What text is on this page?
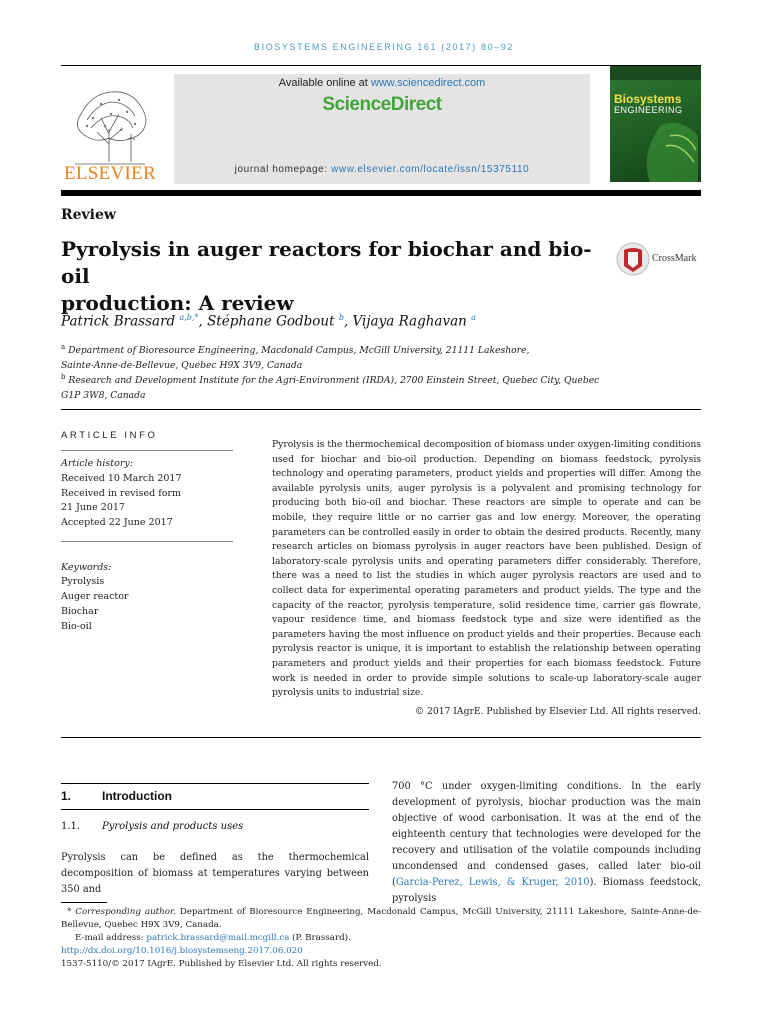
BIOSYSTEMS ENGINEERING 161 (2017) 80–92
ELSEVIER
Available online at www.sciencedirect.com
ScienceDirect
journal homepage: www.elsevier.com/locate/issn/15375110
Biosystems
ENGINEERING
Review
Pyrolysis in auger reactors for biochar and bio-oil
production: A review
CrossMark
Patrick Brassard $^{a,b,*}$, Stéphane Godbout $^b$, Vijaya Raghavan $^a$
$^a$ Department of Bioresource Engineering, Macdonald Campus, McGill University, 21111 Lakeshore,
Sainte-Anne-de-Bellevue, Quebec H9X 3V9, Canada
$^b$ Research and Development Institute for the Agri-Environment (IRDA), 2700 Einstein Street, Quebec City, Quebec
G1P 3W8, Canada
ARTICLE INFO
Article history:
Received 10 March 2017
Received in revised form
21 June 2017
Accepted 22 June 2017
Keywords:
Pyrolysis
Auger reactor
Biochar
Bio-oil
Pyrolysis is the thermochemical decomposition of biomass under oxygen-limiting conditions used for biochar and bio-oil production. Depending on biomass feedstock, pyrolysis technology and operating parameters, product yields and properties will differ. Among the available pyrolysis units, auger pyrolysis is a polyvalent and promising technology for producing both bio-oil and biochar. These reactors are simple to operate and can be mobile, they require little or no carrier gas and low energy. Moreover, the operating parameters can be controlled easily in order to obtain the desired products. Recently, many research articles on biomass pyrolysis in auger reactors have been published. Design of laboratory-scale pyrolysis units and operating parameters differ considerably. Therefore, there was a need to list the studies in which auger pyrolysis reactors are used and to collect data for experimental operating parameters and product yields. The type and the capacity of the reactor, pyrolysis temperature, solid residence time, carrier gas flowrate, vapour residence time, and biomass feedstock type and size were identified as the parameters having the most influence on product yields and their properties. Because each pyrolysis reactor is unique, it is important to establish the relationship between operating parameters and product yields and their properties for each biomass feedstock. Future work is needed in order to provide simple solutions to scale-up laboratory-scale auger pyrolysis units to industrial size.
© 2017 IAgrE. Published by Elsevier Ltd. All rights reserved.
1.	Introduction
1.1. Pyrolysis and products uses
Pyrolysis can be defined as the thermochemical decomposition of biomass at temperatures varying between 350 and
700 °C under oxygen-limiting conditions. In the early development of pyrolysis, biochar production was the main objective of wood carbonisation. It was at the end of the eighteenth century that technologies were developed for the recovery and utilisation of the volatile compounds including uncondensed and condensed gases, called later bio-oil (Garcia-Perez, Lewis, & Kruger, 2010). Biomass feedstock, pyrolysis
* Corresponding author. Department of Bioresource Engineering, Macdonald Campus, McGill University, 21111 Lakeshore, Sainte-Anne-de-Bellevue, Quebec H9X 3V9, Canada.
E-mail address: patrick.brassard@mail.mcgill.ca (P. Brassard).
http://dx.doi.org/10.1016/j.biosystemseng.2017.06.020
1537-5110/© 2017 IAgrE. Published by Elsevier Ltd. All rights reserved.
